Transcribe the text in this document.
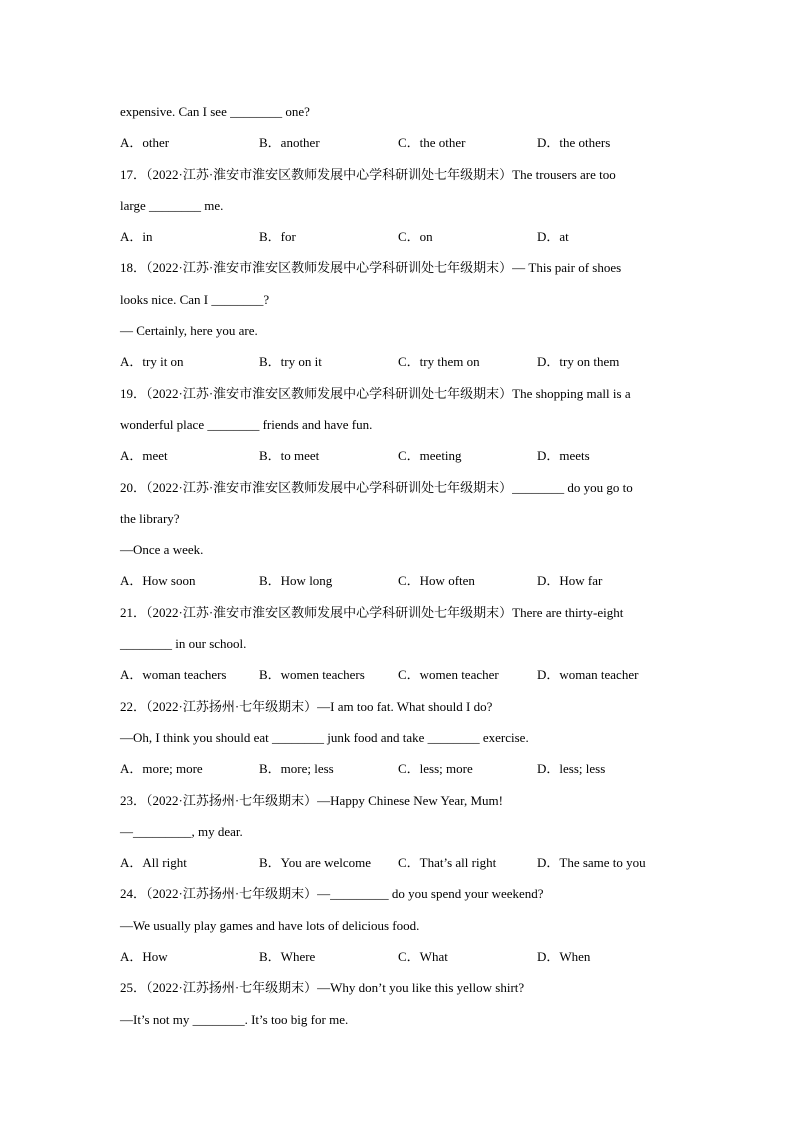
expensive. Can I see ________ one?
A．other	B．another	C．the other	D．the others
17．（2022·江苏·淮安市淮安区教师发展中心学科研训处七年级期末）The trousers are too
large ________ me.
A．in	B．for	C．on	D．at
18．（2022·江苏·淮安市淮安区教师发展中心学科研训处七年级期末）— This pair of shoes
looks nice. Can I ________?
— Certainly, here you are.
A．try it on	B．try on it	C．try them on	D．try on them
19．（2022·江苏·淮安市淮安区教师发展中心学科研训处七年级期末）The shopping mall is a
wonderful place ________ friends and have fun.
A．meet	B．to meet	C．meeting	D．meets
20．（2022·江苏·淮安市淮安区教师发展中心学科研训处七年级期末）________ do you go to
the library?
—Once a week.
A．How soon	B．How long	C．How often	D．How far
21．（2022·江苏·淮安市淮安区教师发展中心学科研训处七年级期末）There are thirty-eight
________ in our school.
A．woman teachers	B．women teachers	C．women teacher	D．woman teacher
22．（2022·江苏扬州·七年级期末）—I am too fat. What should I do?
—Oh, I think you should eat ________ junk food and take ________ exercise.
A．more; more	B．more; less	C．less; more	D．less; less
23．（2022·江苏扬州·七年级期末）—Happy Chinese New Year, Mum!
—_________, my dear.
A．All right	B．You are welcome	C．That’s all right	D．The same to you
24．（2022·江苏扬州·七年级期末）—_________ do you spend your weekend?
—We usually play games and have lots of delicious food.
A．How	B．Where	C．What	D．When
25．（2022·江苏扬州·七年级期末）—Why don’t you like this yellow shirt?
—It’s not my ________. It’s too big for me.
